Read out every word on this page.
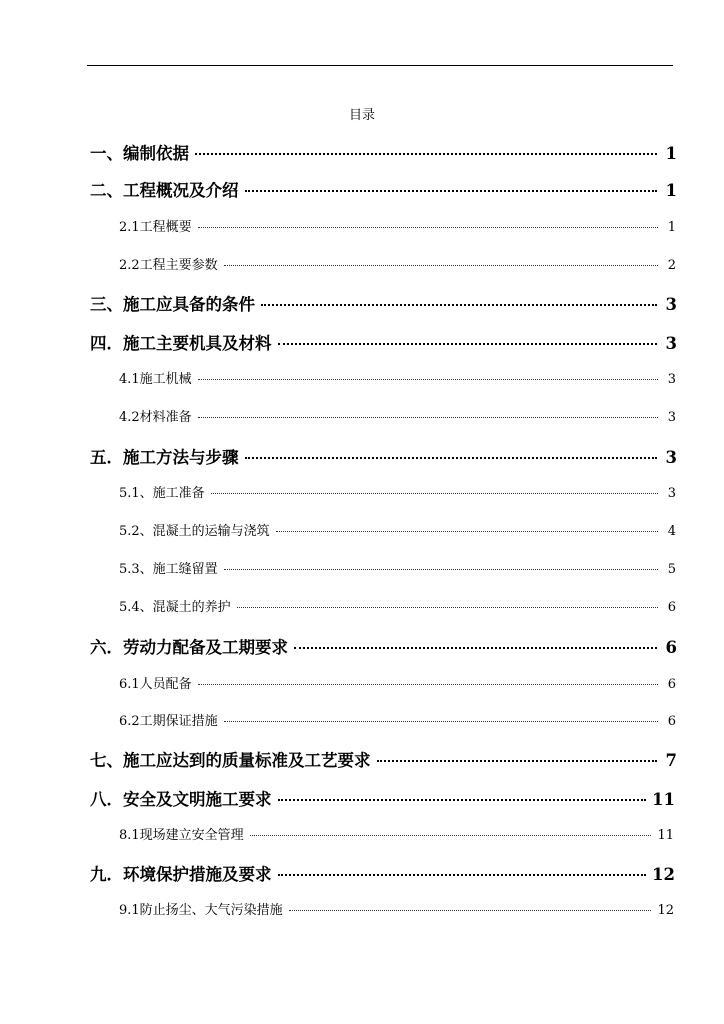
目录
一、编制依据	1
二、工程概况及介绍	1
2.1工程概要	1
2.2工程主要参数	2
三、施工应具备的条件	3
四．施工主要机具及材料	3
4.1施工机械	3
4.2材料准备	3
五．施工方法与步骤	3
5.1、施工准备	3
5.2、混凝土的运输与浇筑	4
5.3、施工缝留置	5
5.4、混凝土的养护	6
六．劳动力配备及工期要求	6
6.1人员配备	6
6.2工期保证措施	6
七、施工应达到的质量标准及工艺要求	7
八．安全及文明施工要求	11
8.1现场建立安全管理	11
九．环境保护措施及要求	12
9.1防止扬尘、大气污染措施	12
